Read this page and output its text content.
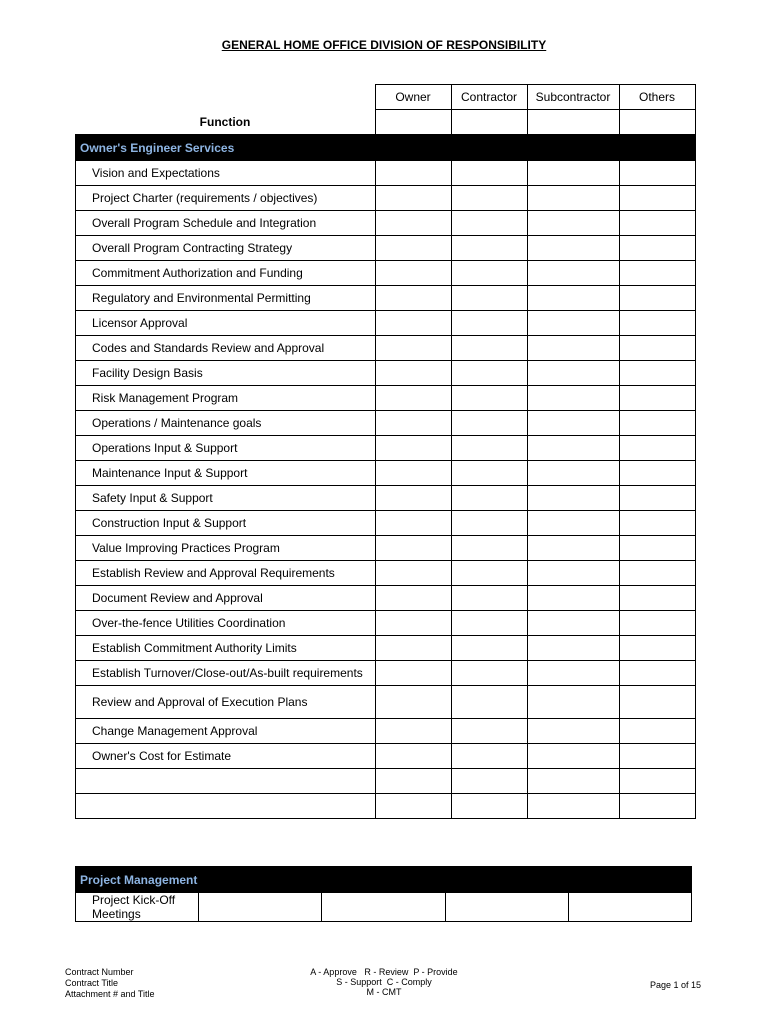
GENERAL HOME OFFICE DIVISION OF RESPONSIBILITY
	Owner	Contractor	Subcontractor	Others
Function				
Owner's Engineer Services				
Vision and Expectations				
Project Charter (requirements / objectives)				
Overall Program Schedule and Integration				
Overall Program Contracting Strategy				
Commitment Authorization and Funding				
Regulatory and Environmental Permitting				
Licensor Approval				
Codes and Standards Review and Approval				
Facility Design Basis				
Risk Management Program				
Operations / Maintenance goals				
Operations Input & Support				
Maintenance Input & Support				
Safety Input & Support				
Construction Input & Support				
Value Improving Practices Program				
Establish Review and Approval Requirements				
Document Review and Approval				
Over-the-fence Utilities Coordination				
Establish Commitment Authority Limits				
Establish Turnover/Close-out/As-built requirements				
Review and Approval of Execution Plans				
Change Management Approval				
Owner's Cost for Estimate				

Project Management
Project Kick-Off Meetings				
Contract Number
Contract Title
Attachment # and Title
A - Approve   R - Review  P - Provide
S - Support  C - Comply
M - CMT
Page 1 of 15
